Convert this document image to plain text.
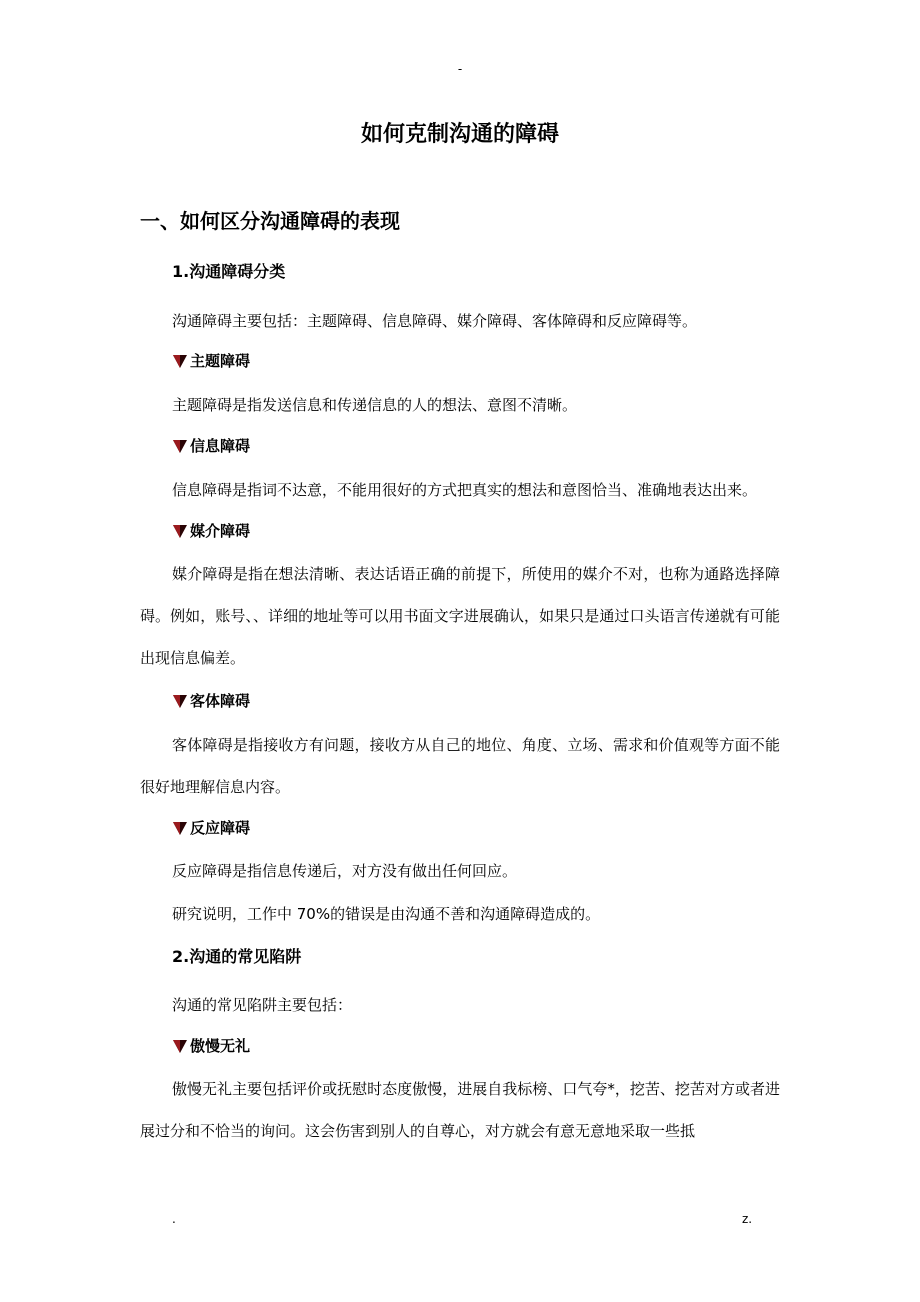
-
如何克制沟通的障碍
一、如何区分沟通障碍的表现
1.沟通障碍分类

沟通障碍主要包括：主题障碍、信息障碍、媒介障碍、客体障碍和反应障碍等。

主题障碍

主题障碍是指发送信息和传递信息的人的想法、意图不清晰。

信息障碍

信息障碍是指词不达意，不能用很好的方式把真实的想法和意图恰当、准确地表达出来。

媒介障碍

媒介障碍是指在想法清晰、表达话语正确的前提下，所使用的媒介不对，也称为通路选择障碍。例如，账号、、详细的地址等可以用书面文字进展确认，如果只是通过口头语言传递就有可能出现信息偏差。

客体障碍

客体障碍是指接收方有问题，接收方从自己的地位、角度、立场、需求和价值观等方面不能很好地理解信息内容。

反应障碍

反应障碍是指信息传递后，对方没有做出任何回应。

研究说明，工作中 70%的错误是由沟通不善和沟通障碍造成的。

2.沟通的常见陷阱

沟通的常见陷阱主要包括：

傲慢无礼

傲慢无礼主要包括评价或抚慰时态度傲慢，进展自我标榜、口气夸*，挖苦、挖苦对方或者进展过分和不恰当的询问。这会伤害到别人的自尊心，对方就会有意无意地采取一些抵

.	z.
